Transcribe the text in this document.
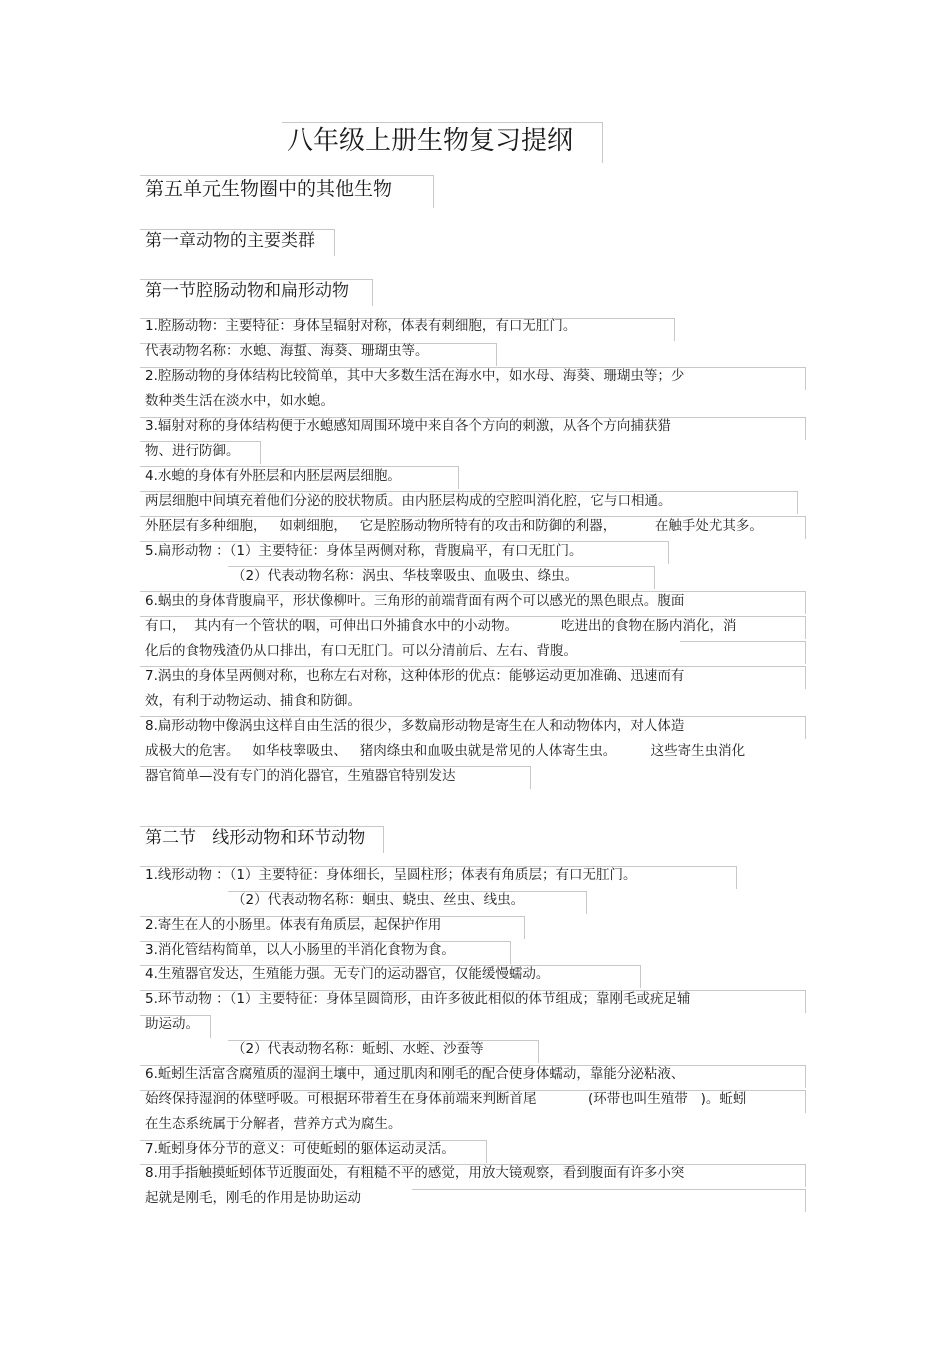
八年级上册生物复习提纲
第五单元生物圈中的其他生物
第一章动物的主要类群
第一节腔肠动物和扁形动物
1.腔肠动物：主要特征：身体呈辐射对称，体表有刺细胞，有口无肛门。
代表动物名称：水螅、海蜇、海葵、珊瑚虫等。
2.腔肠动物的身体结构比较简单，其中大多数生活在海水中，如水母、海葵、珊瑚虫等；少
数种类生活在淡水中，如水螅。
3.辐射对称的身体结构便于水螅感知周围环境中来自各个方向的刺激，从各个方向捕获猎
物、进行防御。
4.水螅的身体有外胚层和内胚层两层细胞。
两层细胞中间填充着他们分泌的胶状物质。由内胚层构成的空腔叫消化腔，它与口相通。
外胚层有多种细胞，   如刺细胞，   它是腔肠动物所特有的攻击和防御的利器，         在触手处尤其多。
5.扁形动物 ：（1）主要特征：身体呈两侧对称，背腹扁平，有口无肛门。
（2）代表动物名称：涡虫、华枝睾吸虫、血吸虫、绦虫。
6.蜗虫的身体背腹扁平，形状像柳叶。三角形的前端背面有两个可以感光的黑色眼点。腹面
有口，  其内有一个管状的咽，可伸出口外捕食水中的小动物。          吃进出的食物在肠内消化，消
化后的食物残渣仍从口排出，有口无肛门。可以分清前后、左右、背腹。
7.涡虫的身体呈两侧对称，也称左右对称，这种体形的优点：能够运动更加准确、迅速而有
效，有利于动物运动、捕食和防御。
8.扁形动物中像涡虫这样自由生活的很少，多数扁形动物是寄生在人和动物体内，对人体造
成极大的危害。   如华枝睾吸虫、   猪肉绦虫和血吸虫就是常见的人体寄生虫。        这些寄生虫消化
器官简单—没有专门的消化器官，生殖器官特别发达
第二节   线形动物和环节动物
1.线形动物 ：（1）主要特征：身体细长，呈圆柱形；体表有角质层；有口无肛门。
（2）代表动物名称：蛔虫、蛲虫、丝虫、线虫。
2.寄生在人的小肠里。体表有角质层，起保护作用
3.消化管结构简单，以人小肠里的半消化食物为食。
4.生殖器官发达，生殖能力强。无专门的运动器官，仅能缓慢蠕动。
5.环节动物 ：（1）主要特征：身体呈圆筒形，由许多彼此相似的体节组成；靠刚毛或疣足辅
助运动。
（2）代表动物名称：蚯蚓、水蛭、沙蚕等
6.蚯蚓生活富含腐殖质的湿润土壤中，通过肌肉和刚毛的配合使身体蠕动，靠能分泌粘液、
始终保持湿润的体壁呼吸。可根据环带着生在身体前端来判断首尾            (环带也叫生殖带   )。蚯蚓
在生态系统属于分解者，营养方式为腐生。
7.蚯蚓身体分节的意义：可使蚯蚓的躯体运动灵活。
8.用手指触摸蚯蚓体节近腹面处，有粗糙不平的感觉，用放大镜观察，看到腹面有许多小突
起就是刚毛，刚毛的作用是协助运动
